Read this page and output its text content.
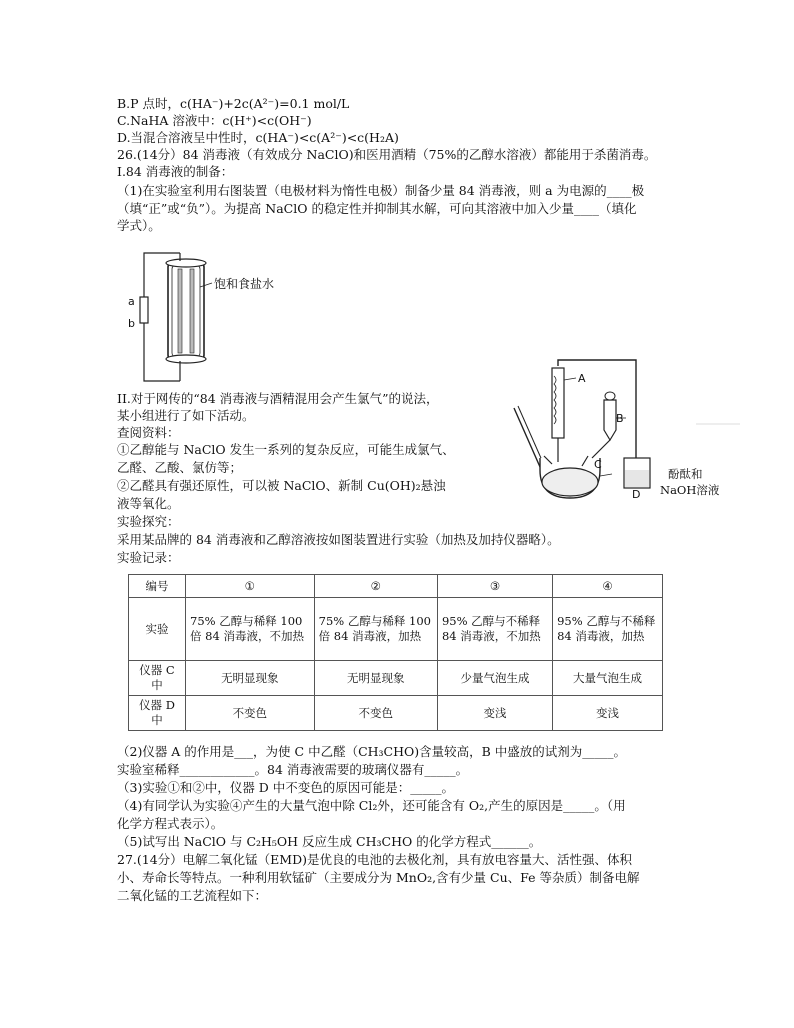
B.P 点时，c(HA⁻)+2c(A²⁻)=0.1 mol/L
C.NaHA 溶液中：c(H⁺)<c(OH⁻)
D.当混合溶液呈中性时，c(HA⁻)<c(A²⁻)<c(H₂A)
26.(14分）84 消毒液（有效成分 NaClO)和医用酒精（75%的乙醇水溶液）都能用于杀菌消毒。
I.84 消毒液的制备：
（1)在实验室利用右图装置（电极材料为惰性电极）制备少量 84 消毒液，则 a 为电源的____极
（填“正”或“负”）。为提高 NaClO 的稳定性并抑制其水解，可向其溶液中加入少量____（填化
学式）。
a
b
饱和食盐水
A
B
C
D
酚酞和
NaOH溶液
II.对于网传的“84 消毒液与酒精混用会产生氯气”的说法，
某小组进行了如下活动。
查阅资料：
①乙醇能与 NaClO 发生一系列的复杂反应，可能生成氯气、
乙醛、乙酸、氯仿等；
②乙醛具有强还原性，可以被 NaClO、新制 Cu(OH)₂悬浊
液等氧化。
实验探究：
采用某品牌的 84 消毒液和乙醇溶液按如图装置进行实验（加热及加持仪器略）。
实验记录：
编号	①	②	③	④
实验	75% 乙醇与稀释 100 倍 84 消毒液，不加热	75% 乙醇与稀释 100 倍 84 消毒液，加热	95% 乙醇与不稀释 84 消毒液，不加热	95% 乙醇与不稀释 84 消毒液，加热
仪器 C 中	无明显现象	无明显现象	少量气泡生成	大量气泡生成
仪器 D 中	不变色	不变色	变浅	变浅
（2)仪器 A 的作用是___，为使 C 中乙醛（CH₃CHO)含量较高，B 中盛放的试剂为_____。
实验室稀释____________。84 消毒液需要的玻璃仪器有_____。
（3)实验①和②中，仪器 D 中不变色的原因可能是：_____。
（4)有同学认为实验④产生的大量气泡中除 Cl₂外，还可能含有 O₂,产生的原因是_____。（用
化学方程式表示）。
（5)试写出 NaClO 与 C₂H₅OH 反应生成 CH₃CHO 的化学方程式______。
27.(14分）电解二氧化锰（EMD)是优良的电池的去极化剂，具有放电容量大、活性强、体积
小、寿命长等特点。一种利用软锰矿（主要成分为 MnO₂,含有少量 Cu、Fe 等杂质）制备电解
二氧化锰的工艺流程如下：
